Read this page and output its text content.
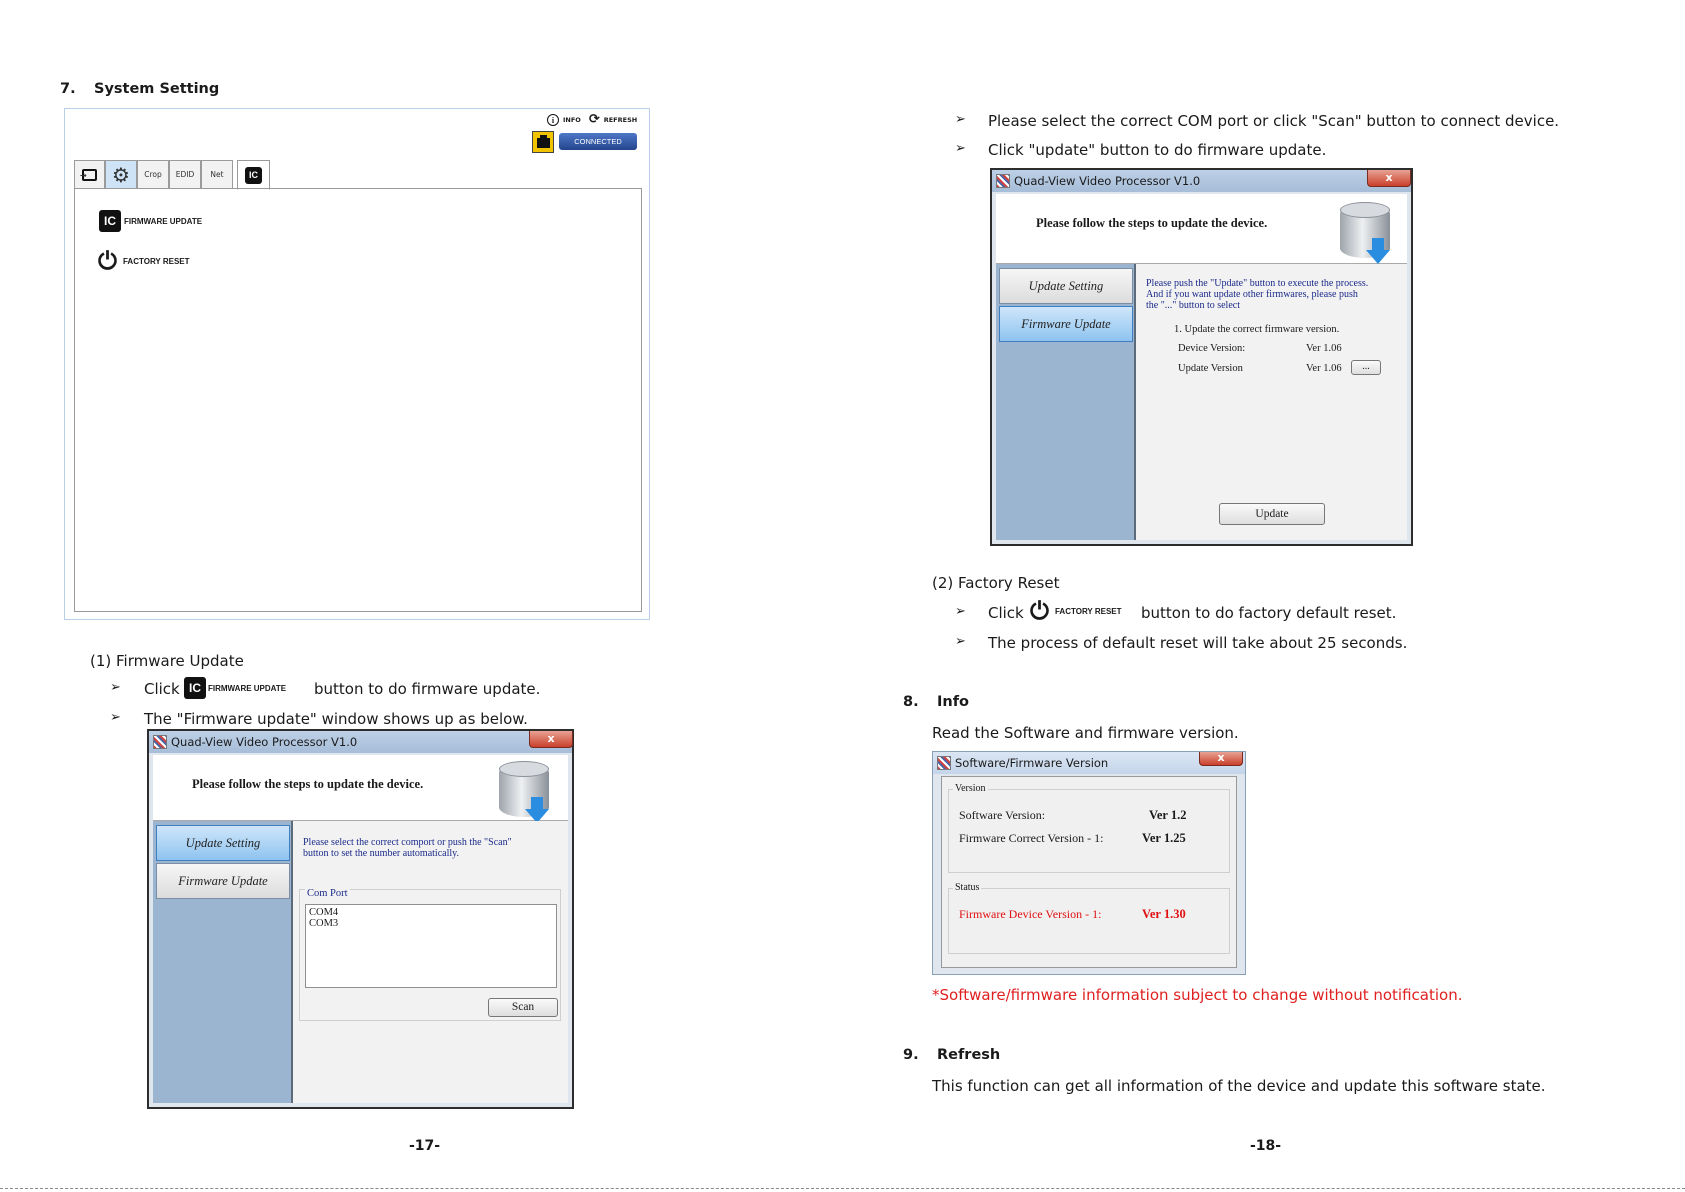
7. System Setting
i	INFO ⟳ REFRESH
CONNECTED
→ ⚙	Crop	EDID	Net	IC
IC	FIRMWARE UPDATE
⏻ FACTORY RESET
(1) Firmware Update
➢ Click IC FIRMWARE UPDATE button to do firmware update.
➢ The "Firmware update" window shows up as below.
Quad-View Video Processor V1.0	x
Please follow the steps to update the device.
Update Setting
Firmware Update
Please select the correct comport or push the "Scan"
button to set the number automatically.
Com Port
COM4
COM3
Scan
-17-
➢ Please select the correct COM port or click "Scan" button to connect device.
➢ Click "update" button to do firmware update.
Quad-View Video Processor V1.0	x
Please follow the steps to update the device.
Update Setting
Firmware Update
Please push the "Update" button to execute the process.
And if you want update other firmwares, please push
the "..." button to select
1. Update the correct firmware version.
Device Version:	Ver 1.06
Update Version	Ver 1.06	...
Update
(2) Factory Reset
➢ Click ⏻ FACTORY RESET button to do factory default reset.
➢ The process of default reset will take about 25 seconds.
8. Info
Read the Software and firmware version.
Software/Firmware Version	x
Version
Software Version:	Ver 1.2
Firmware Correct Version - 1:	Ver 1.25
Status
Firmware Device Version - 1:	Ver 1.30
*Software/firmware information subject to change without notification.
9. Refresh
This function can get all information of the device and update this software state.
-18-
